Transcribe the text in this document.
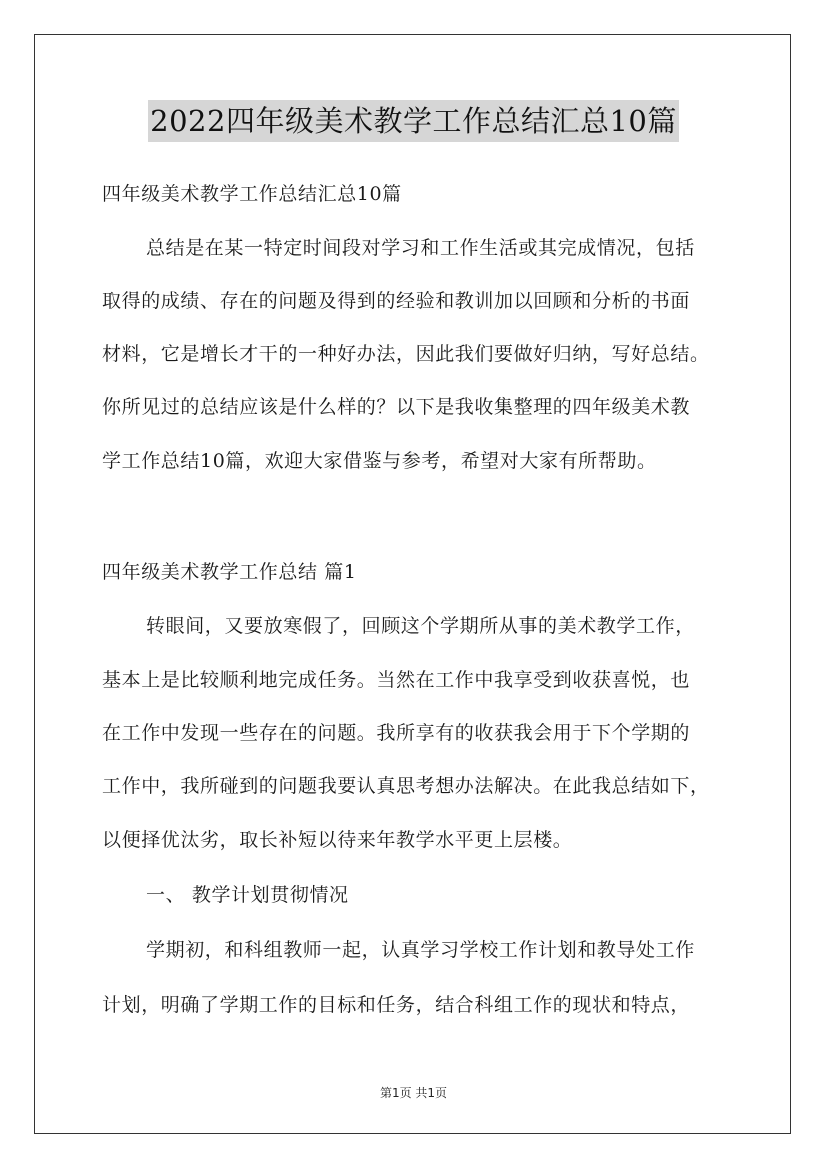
2022四年级美术教学工作总结汇总10篇
四年级美术教学工作总结汇总10篇
总结是在某一特定时间段对学习和工作生活或其完成情况，包括
取得的成绩、存在的问题及得到的经验和教训加以回顾和分析的书面
材料，它是增长才干的一种好办法，因此我们要做好归纳，写好总结。
你所见过的总结应该是什么样的？以下是我收集整理的四年级美术教
学工作总结10篇，欢迎大家借鉴与参考，希望对大家有所帮助。
四年级美术教学工作总结 篇1
转眼间，又要放寒假了，回顾这个学期所从事的美术教学工作，
基本上是比较顺利地完成任务。当然在工作中我享受到收获喜悦，也
在工作中发现一些存在的问题。我所享有的收获我会用于下个学期的
工作中，我所碰到的问题我要认真思考想办法解决。在此我总结如下，
以便择优汰劣，取长补短以待来年教学水平更上层楼。
一、 教学计划贯彻情况
学期初，和科组教师一起，认真学习学校工作计划和教导处工作
计划，明确了学期工作的目标和任务，结合科组工作的现状和特点，
第1页 共1页
